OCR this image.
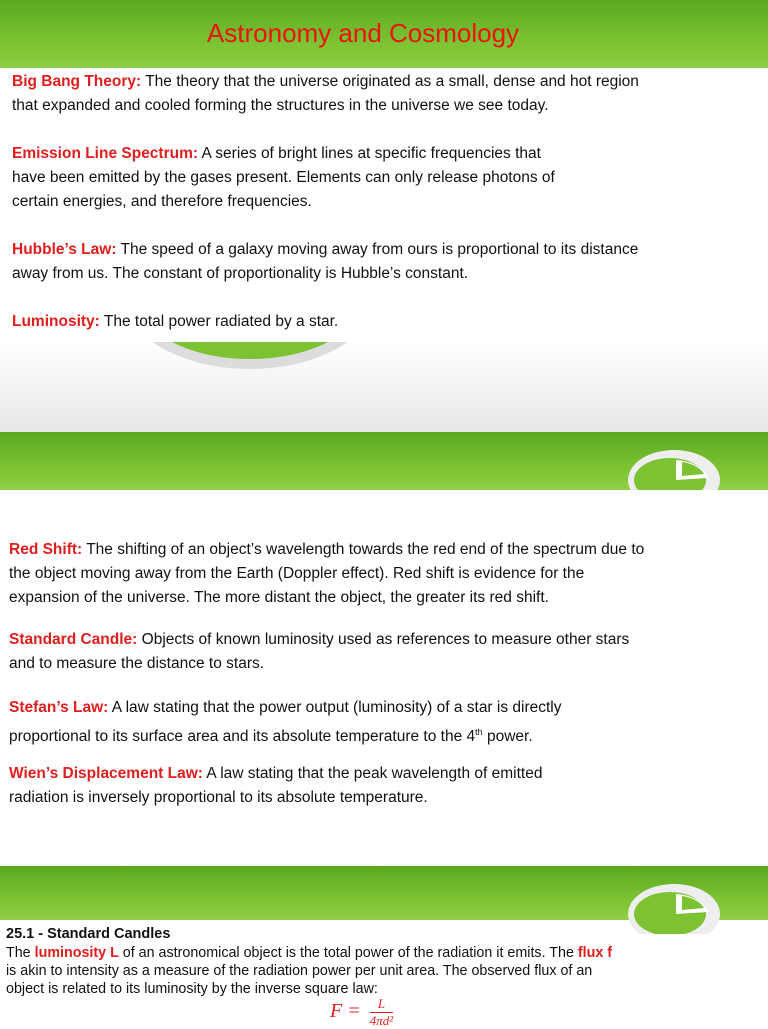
Astronomy and Cosmology
Big Bang Theory: The theory that the universe originated as a small, dense and hot region
that expanded and cooled forming the structures in the universe we see today.
Emission Line Spectrum: A series of bright lines at specific frequencies that
have been emitted by the gases present. Elements can only release photons of
certain energies, and therefore frequencies.
Hubble’s Law: The speed of a galaxy moving away from ours is proportional to its distance
away from us. The constant of proportionality is Hubble’s constant.
Luminosity: The total power radiated by a star.
Red Shift: The shifting of an object’s wavelength towards the red end of the spectrum due to
the object moving away from the Earth (Doppler effect). Red shift is evidence for the
expansion of the universe. The more distant the object, the greater its red shift.
Standard Candle: Objects of known luminosity used as references to measure other stars
and to measure the distance to stars.
Stefan’s Law: A law stating that the power output (luminosity) of a star is directly
proportional to its surface area and its absolute temperature to the 4th power.
Wien’s Displacement Law: A law stating that the peak wavelength of emitted
radiation is inversely proportional to its absolute temperature.
25.1 - Standard Candles
The luminosity L of an astronomical object is the total power of the radiation it emits. The flux f
is akin to intensity as a measure of the radiation power per unit area. The observed flux of an
object is related to its luminosity by the inverse square law:
$F = \frac{L}{\text{4πd²}}$
